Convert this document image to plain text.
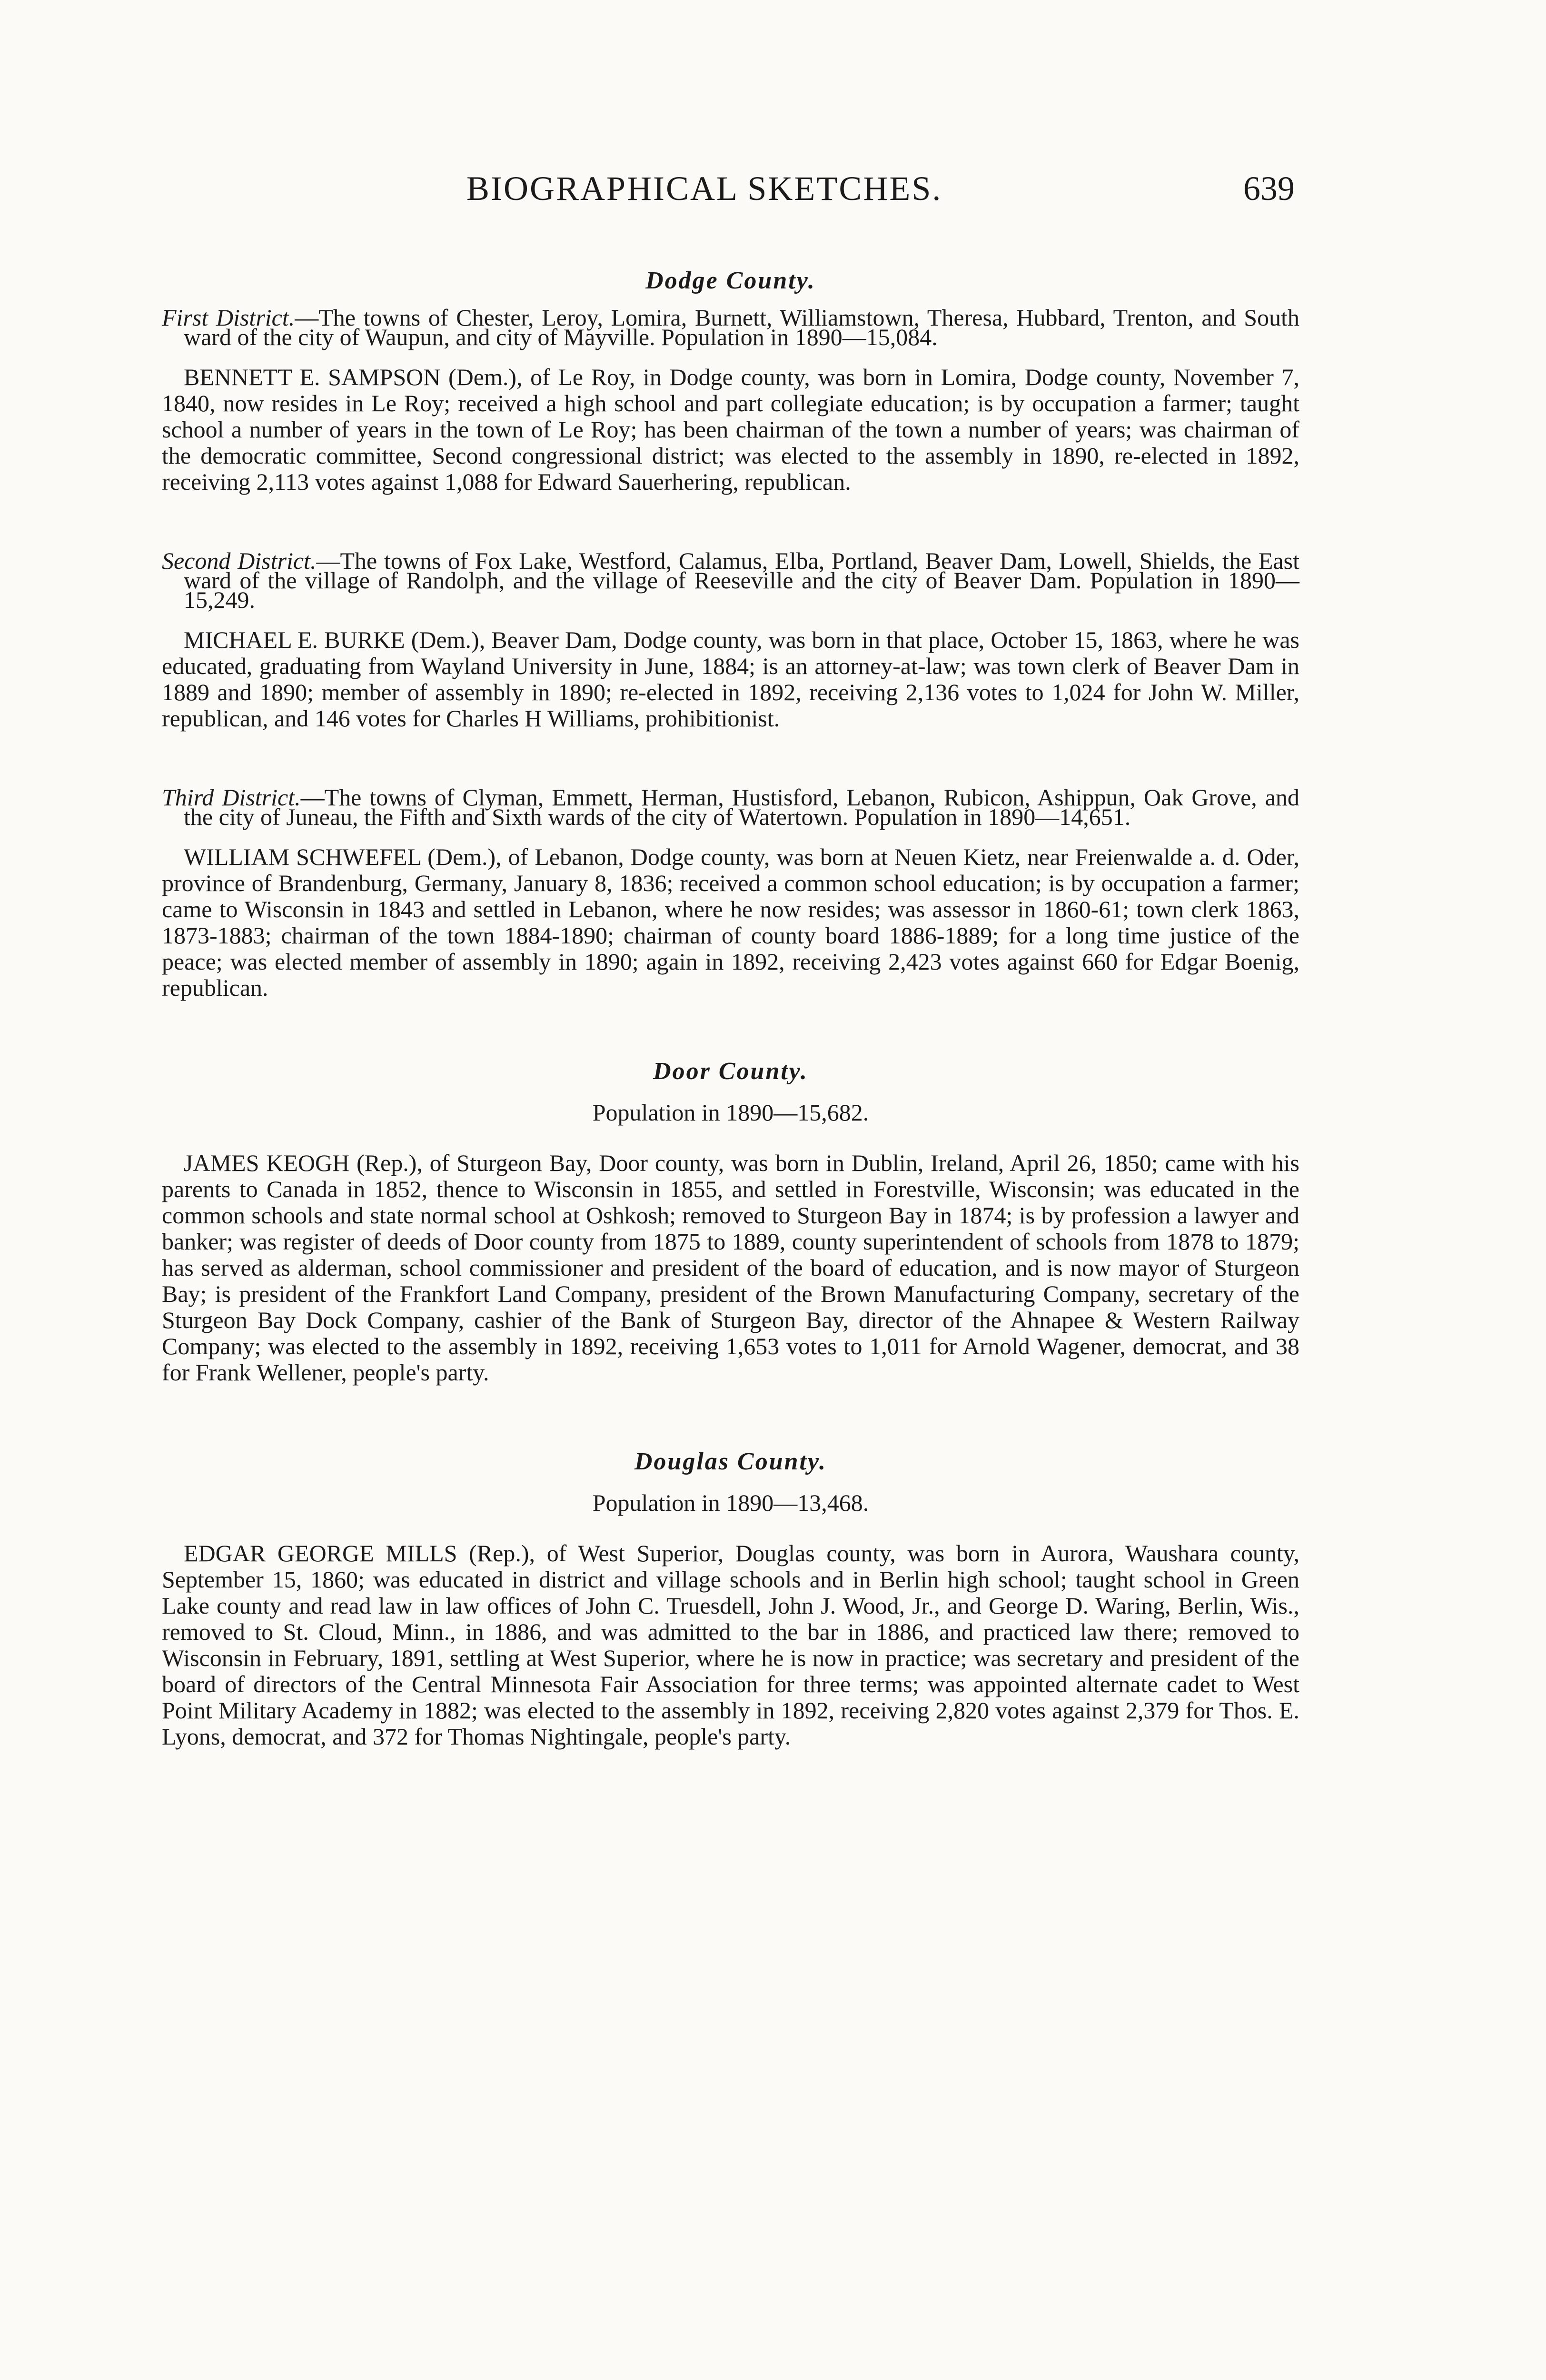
BIOGRAPHICAL SKETCHES.	639
Dodge County.

First District.—The towns of Chester, Leroy, Lomira, Burnett, Williamstown, Theresa, Hubbard, Trenton, and South ward of the city of Waupun, and city of Mayville. Population in 1890—15,084.

BENNETT E. SAMPSON (Dem.), of Le Roy, in Dodge county, was born in Lomira, Dodge county, November 7, 1840, now resides in Le Roy; received a high school and part collegiate education; is by occupation a farmer; taught school a number of years in the town of Le Roy; has been chairman of the town a number of years; was chairman of the democratic committee, Second congressional district; was elected to the assembly in 1890, re-elected in 1892, receiving 2,113 votes against 1,088 for Edward Sauerhering, republican.

Second District.—The towns of Fox Lake, Westford, Calamus, Elba, Portland, Beaver Dam, Lowell, Shields, the East ward of the village of Randolph, and the village of Reeseville and the city of Beaver Dam. Population in 1890—15,249.

MICHAEL E. BURKE (Dem.), Beaver Dam, Dodge county, was born in that place, October 15, 1863, where he was educated, graduating from Wayland University in June, 1884; is an attorney-at-law; was town clerk of Beaver Dam in 1889 and 1890; member of assembly in 1890; re-elected in 1892, receiving 2,136 votes to 1,024 for John W. Miller, republican, and 146 votes for Charles H Williams, prohibitionist.

Third District.—The towns of Clyman, Emmett, Herman, Hustisford, Lebanon, Rubicon, Ashippun, Oak Grove, and the city of Juneau, the Fifth and Sixth wards of the city of Watertown. Population in 1890—14,651.

WILLIAM SCHWEFEL (Dem.), of Lebanon, Dodge county, was born at Neuen Kietz, near Freienwalde a. d. Oder, province of Brandenburg, Germany, January 8, 1836; received a common school education; is by occupation a farmer; came to Wisconsin in 1843 and settled in Lebanon, where he now resides; was assessor in 1860-61; town clerk 1863, 1873-1883; chairman of the town 1884-1890; chairman of county board 1886-1889; for a long time justice of the peace; was elected member of assembly in 1890; again in 1892, receiving 2,423 votes against 660 for Edgar Boenig, republican.

Door County.

Population in 1890—15,682.

JAMES KEOGH (Rep.), of Sturgeon Bay, Door county, was born in Dublin, Ireland, April 26, 1850; came with his parents to Canada in 1852, thence to Wisconsin in 1855, and settled in Forestville, Wisconsin; was educated in the common schools and state normal school at Oshkosh; removed to Sturgeon Bay in 1874; is by profession a lawyer and banker; was register of deeds of Door county from 1875 to 1889, county superintendent of schools from 1878 to 1879; has served as alderman, school commissioner and president of the board of education, and is now mayor of Sturgeon Bay; is president of the Frankfort Land Company, president of the Brown Manufacturing Company, secretary of the Sturgeon Bay Dock Company, cashier of the Bank of Sturgeon Bay, director of the Ahnapee & Western Railway Company; was elected to the assembly in 1892, receiving 1,653 votes to 1,011 for Arnold Wagener, democrat, and 38 for Frank Wellener, people's party.

Douglas County.

Population in 1890—13,468.

EDGAR GEORGE MILLS (Rep.), of West Superior, Douglas county, was born in Aurora, Waushara county, September 15, 1860; was educated in district and village schools and in Berlin high school; taught school in Green Lake county and read law in law offices of John C. Truesdell, John J. Wood, Jr., and George D. Waring, Berlin, Wis., removed to St. Cloud, Minn., in 1886, and was admitted to the bar in 1886, and practiced law there; removed to Wisconsin in February, 1891, settling at West Superior, where he is now in practice; was secretary and president of the board of directors of the Central Minnesota Fair Association for three terms; was appointed alternate cadet to West Point Military Academy in 1882; was elected to the assembly in 1892, receiving 2,820 votes against 2,379 for Thos. E. Lyons, democrat, and 372 for Thomas Nightingale, people's party.
